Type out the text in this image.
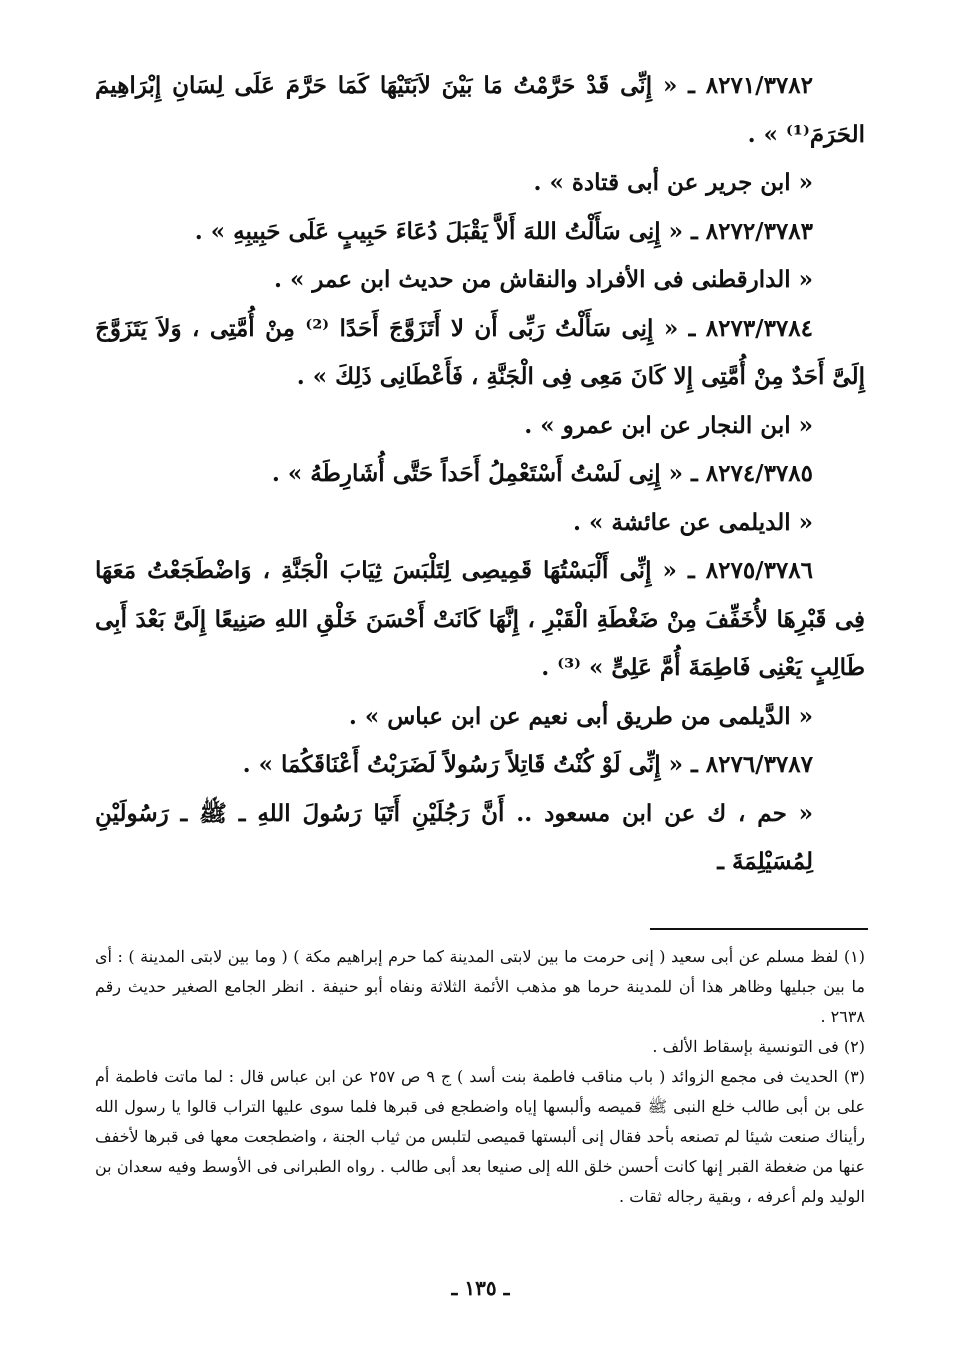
٨٢٧١/٣٧٨٢ ـ « إِنِّى قَدْ حَرَّمْتُ مَا بَيْنَ لاَبَتَيْهَا كَمَا حَرَّمَ عَلَى لِسَانِ إِبْرَاهِيمَ الحَرَمَ⁽¹⁾ » .

« ابن جرير عن أبى قتادة » .

٨٢٧٢/٣٧٨٣ ـ « إِنِى سَأَلْتُ اللهَ أَلاَّ يَقْبَلَ دُعَاءَ حَبِيبٍ عَلَى حَبِيبِهِ » .

« الدارقطنى فى الأفراد والنقاش من حديث ابن عمر » .

٨٢٧٣/٣٧٨٤ ـ « إِنِى سَأَلْتُ رَبِّى أَن لا أَتَزَوَّجَ أَحَدًا ⁽²⁾ مِنْ أُمَّتِى ، وَلاَ يَتَزَوَّجَ إِلَىَّ أَحَدٌ مِنْ أُمَّتِى إِلا كَانَ مَعِى فِى الْجَنَّةِ ، فَأَعْطَانِى ذَلِكَ » .

« ابن النجار عن ابن عمرو » .

٨٢٧٤/٣٧٨٥ ـ « إِنِى لَسْتُ أَسْتَعْمِلُ أَحَداً حَتَّى أُشَارِطَهُ » .

« الديلمى عن عائشة » .

٨٢٧٥/٣٧٨٦ ـ « إِنِّى أَلْبَسْتُهَا قَمِيصِى لِتَلْبَسَ ثِيَابَ الْجَنَّةِ ، وَاضْطَجَعْتُ مَعَهَا فِى قَبْرِهَا لأُخَفِّفَ مِنْ ضَغْطَةِ الْقَبْرِ ، إِنَّهَا كَانَتْ أَحْسَنَ خَلْقِ اللهِ صَنِيعًا إِلَىَّ بَعْدَ أَبِى طَالِبٍ يَعْنِى فَاطِمَةَ أُمَّ عَلِىٍّ » ⁽³⁾ .

« الدَّيلمى من طريق أبى نعيم عن ابن عباس » .

٨٢٧٦/٣٧٨٧ ـ « إِنِّى لَوْ كُنْتُ قَاتِلاً رَسُولاً لَضَرَبْتُ أَعْنَاقَكُمَا » .

« حم ، ك عن ابن مسعود .. أَنَّ رَجُلَيْنِ أَتَيَا رَسُولَ اللهِ ـ ﷺ ـ رَسُولَيْنِ لِمُسَيْلِمَةَ ـ

(١) لفظ مسلم عن أبى سعيد ( إنى حرمت ما بين لابتى المدينة كما حرم إبراهيم مكة ) ( وما بين لابتى المدينة ) : أى ما بين جبليها وظاهر هذا أن للمدينة حرما هو مذهب الأئمة الثلاثة ونفاه أبو حنيفة . انظر الجامع الصغير حديث رقم ٢٦٣٨ .

(٢) فى التونسية بإسقاط الألف .

(٣) الحديث فى مجمع الزوائد ( باب مناقب فاطمة بنت أسد ) ج ٩ ص ٢٥٧ عن ابن عباس قال : لما ماتت فاطمة أم على بن أبى طالب خلع النبى ﷺ قميصه وألبسها إياه واضطجع فى قبرها فلما سوى عليها التراب قالوا يا رسول الله رأيناك صنعت شيئا لم تصنعه بأحد فقال إنى ألبستها قميصى لتلبس من ثياب الجنة ، واضطجعت معها فى قبرها لأخفف عنها من ضغطة القبر إنها كانت أحسن خلق الله إلى صنيعا بعد أبى طالب . رواه الطبرانى فى الأوسط وفيه سعدان بن الوليد ولم أعرفه ، وبقية رجاله ثقات .

ـ ١٣٥ ـ
